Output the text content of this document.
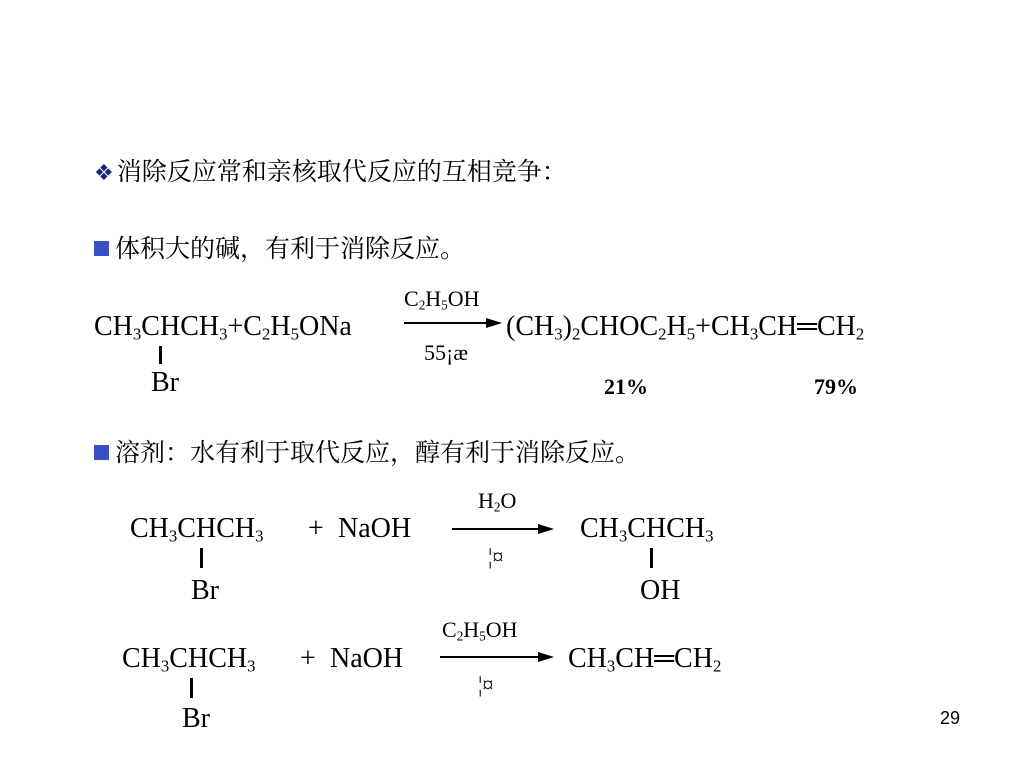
❖ 消除反应常和亲核取代反应的互相竞争：
体积大的碱，有利于消除反应。
$CH_3CHCH_3+C_2H_5ONa$
Br
$C_2H_5OH$
55¡æ
$(CH_3)_2CHOC_2H_5+CH_3CH═CH_2$
21%	79%
溶剂：水有利于取代反应，醇有利于消除反应。
$CH_3CHCH_3$ + NaOH
Br
$H_2O$
¦¤
$CH_3CHCH_3$
OH
$CH_3CHCH_3$ + NaOH
Br
$C_2H_5OH$
¦¤
$CH_3CH═CH_2$
29
